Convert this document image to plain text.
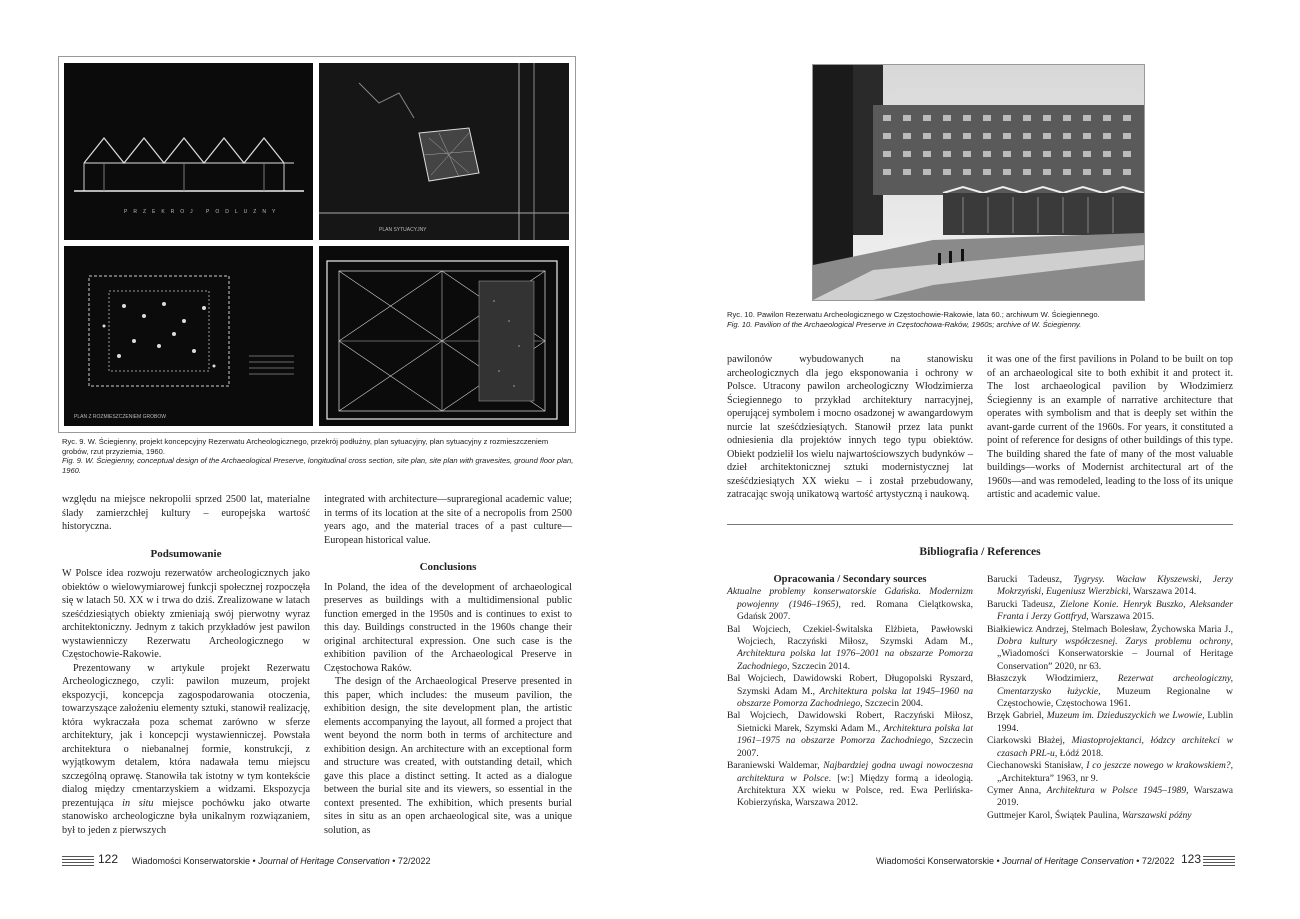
PRZEKROJ PODLUZNY
PLAN SYTUACYJNY
PLAN Z ROZMIESZCZENIEM GROBOW
Ryc. 9. W. Ściegienny, projekt koncepcyjny Rezerwatu Archeologicznego, przekrój podłużny, plan sytuacyjny, plan sytuacyjny z rozmieszczeniem grobów, rzut przyziemia, 1960.
Fig. 9. W. Ściegienny, conceptual design of the Archaeological Preserve, longitudinal cross section, site plan, site plan with gravesites, ground floor plan, 1960.

względu na miejsce nekropolii sprzed 2500 lat, materialne ślady zamierzchłej kultury – europejska wartość historyczna.

Podsumowanie

W Polsce idea rozwoju rezerwatów archeologicznych jako obiektów o wielowymiarowej funkcji społecznej rozpoczęła się w latach 50. XX w i trwa do dziś. Zrealizowane w latach sześćdziesiątych obiekty zmieniają swój pierwotny wyraz architektoniczny. Jednym z takich przykładów jest pawilon wystawienniczy Rezerwatu Archeologicznego w Częstochowie-Rakowie.

Prezentowany w artykule projekt Rezerwatu Archeologicznego, czyli: pawilon muzeum, projekt ekspozycji, koncepcja zagospodarowania otoczenia, towarzyszące założeniu elementy sztuki, stanowił realizację, która wykraczała poza schemat zarówno w sferze architektury, jak i koncepcji wystawienniczej. Powstała architektura o niebanalnej formie, konstrukcji, z wyjątkowym detalem, która nadawała temu miejscu szczególną oprawę. Stanowiła tak istotny w tym kontekście dialog między cmentarzyskiem a widzami. Ekspozycja prezentująca in situ miejsce pochówku jako otwarte stanowisko archeologiczne była unikalnym rozwiązaniem, był to jeden z pierwszych

integrated with architecture—supraregional academic value; in terms of its location at the site of a necropolis from 2500 years ago, and the material traces of a past culture—European historical value.

Conclusions

In Poland, the idea of the development of archaeological preserves as buildings with a multidimensional public function emerged in the 1950s and is continues to exist to this day. Buildings constructed in the 1960s change their original architectural expression. One such case is the exhibition pavilion of the Archaeological Preserve in Częstochowa Raków.

The design of the Archaeological Preserve presented in this paper, which includes: the museum pavilion, the exhibition design, the site development plan, the artistic elements accompanying the layout, all formed a project that went beyond the norm both in terms of architecture and exhibition design. An architecture with an exceptional form and structure was created, with outstanding detail, which gave this place a distinct setting. It acted as a dialogue between the burial site and its viewers, so essential in the context presented. The exhibition, which presents burial sites in situ as an open archaeological site, was a unique solution, as

122 Wiadomości Konserwatorskie • Journal of Heritage Conservation • 72/2022
Ryc. 10. Pawilon Rezerwatu Archeologicznego w Częstochowie-Rakowie, lata 60.; archiwum W. Ściegiennego.
Fig. 10. Pavilion of the Archaeological Preserve in Częstochowa-Raków, 1960s; archive of W. Ściegienny.

pawilonów wybudowanych na stanowisku archeologicznych dla jego eksponowania i ochrony w Polsce. Utracony pawilon archeologiczny Włodzimierza Ściegiennego to przykład architektury narracyjnej, operującej symbolem i mocno osadzonej w awangardowym nurcie lat sześćdziesiątych. Stanowił przez lata punkt odniesienia dla projektów innych tego typu obiektów. Obiekt podzielił los wielu najwartościowszych budynków – dzieł architektonicznej sztuki modernistycznej lat sześćdziesiątych XX wieku – i został przebudowany, zatracając swoją unikatową wartość artystyczną i naukową.

it was one of the first pavilions in Poland to be built on top of an archaeological site to both exhibit it and protect it. The lost archaeological pavilion by Włodzimierz Ściegienny is an example of narrative architecture that operates with symbolism and that is deeply set within the avant-garde current of the 1960s. For years, it constituted a point of reference for designs of other buildings of this type. The building shared the fate of many of the most valuable buildings—works of Modernist architectural art of the 1960s—and was remodeled, leading to the loss of its unique artistic and academic value.

Bibliografia / References
Opracowania / Secondary sources

Aktualne problemy konserwatorskie Gdańska. Modernizm powojenny (1946–1965), red. Romana Cielątkowska, Gdańsk 2007.

Bal Wojciech, Czekiel-Świtalska Elżbieta, Pawłowski Wojciech, Raczyński Miłosz, Szymski Adam M., Architektura polska lat 1976–2001 na obszarze Pomorza Zachodniego, Szczecin 2014.

Bal Wojciech, Dawidowski Robert, Długopolski Ryszard, Szymski Adam M., Architektura polska lat 1945–1960 na obszarze Pomorza Zachodniego, Szczecin 2004.

Bal Wojciech, Dawidowski Robert, Raczyński Miłosz, Sietnicki Marek, Szymski Adam M., Architektura polska lat 1961–1975 na obszarze Pomorza Zachodniego, Szczecin 2007.

Baraniewski Waldemar, Najbardziej godna uwagi nowoczesna architektura w Polsce. [w:] Między formą a ideologią. Architektura XX wieku w Polsce, red. Ewa Perlińska-Kobierzyńska, Warszawa 2012.

Barucki Tadeusz, Tygrysy. Wacław Kłyszewski, Jerzy Mokrzyński, Eugeniusz Wierzbicki, Warszawa 2014.

Barucki Tadeusz, Zielone Konie. Henryk Buszko, Aleksander Franta i Jerzy Gottfryd, Warszawa 2015.

Białkiewicz Andrzej, Stelmach Bolesław, Żychowska Maria J., Dobra kultury współczesnej. Zarys problemu ochrony, „Wiadomości Konserwatorskie – Journal of Heritage Conservation” 2020, nr 63.

Błaszczyk Włodzimierz, Rezerwat archeologiczny, Cmentarzysko łużyckie, Muzeum Regionalne w Częstochowie, Częstochowa 1961.

Brzęk Gabriel, Muzeum im. Dzieduszyckich we Lwowie, Lublin 1994.

Ciarkowski Błażej, Miastoprojektanci, łódzcy architekci w czasach PRL-u, Łódź 2018.

Ciechanowski Stanisław, I co jeszcze nowego w krakowskiem?, „Architektura” 1963, nr 9.

Cymer Anna, Architektura w Polsce 1945–1989, Warszawa 2019.

Guttmejer Karol, Świątek Paulina, Warszawski późny

Wiadomości Konserwatorskie • Journal of Heritage Conservation • 72/2022 123
